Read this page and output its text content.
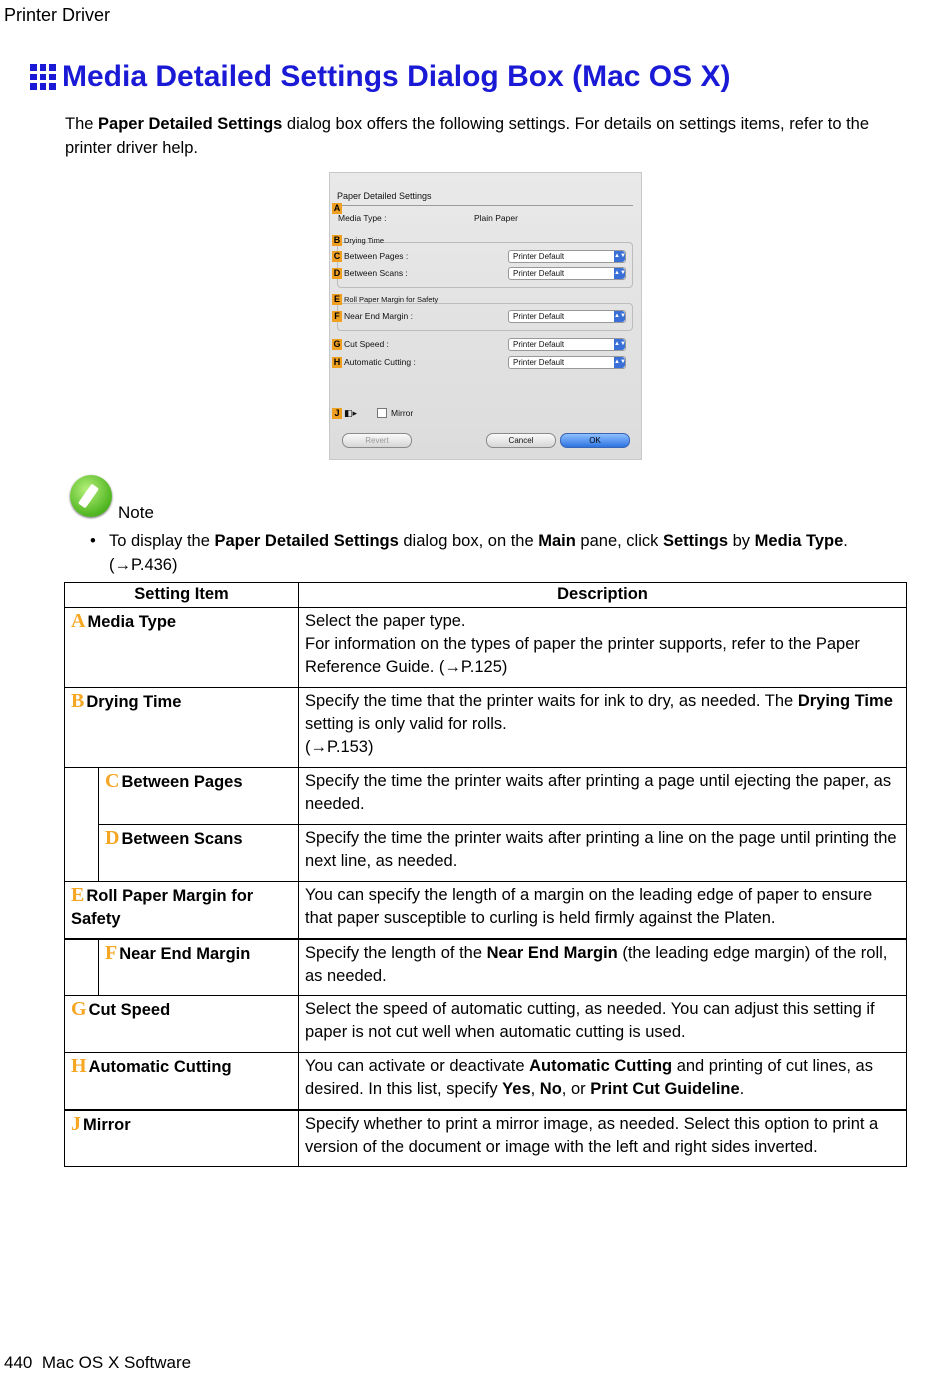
Printer Driver
Media Detailed Settings Dialog Box (Mac OS X)
The Paper Detailed Settings dialog box offers the following settings. For details on settings items, refer to the printer driver help.
Paper Detailed Settings
A
Media Type :	Plain Paper
B Drying Time
C Between Pages :	Printer Default	▲▼
D Between Scans :	Printer Default	▲▼
E Roll Paper Margin for Safety
F Near End Margin :	Printer Default	▲▼
G Cut Speed :	Printer Default	▲▼
H Automatic Cutting :	Printer Default	▲▼
J ◧▸	Mirror
Revert	Cancel	OK
Note
• To display the Paper Detailed Settings dialog box, on the Main pane, click Settings by Media Type. (→P.436)
Setting Item		Description
A Media Type		Select the paper type.
For information on the types of paper the printer supports, refer to the Paper Reference Guide. (→P.125)
B Drying Time		Specify the time that the printer waits for ink to dry, as needed. The Drying Time setting is only valid for rolls.
(→P.153)
	C Between Pages	Specify the time the printer waits after printing a page until ejecting the paper, as needed.
	D Between Scans	Specify the time the printer waits after printing a line on the page until printing the next line, as needed.
E Roll Paper Margin for Safety		You can specify the length of a margin on the leading edge of paper to ensure that paper susceptible to curling is held firmly against the Platen.
	F Near End Margin	Specify the length of the Near End Margin (the leading edge margin) of the roll, as needed.
G Cut Speed		Select the speed of automatic cutting, as needed. You can adjust this setting if paper is not cut well when automatic cutting is used.
H Automatic Cutting		You can activate or deactivate Automatic Cutting and printing of cut lines, as desired. In this list, specify Yes, No, or Print Cut Guideline.
J Mirror		Specify whether to print a mirror image, as needed. Select this option to print a version of the document or image with the left and right sides inverted.
440 Mac OS X Software
